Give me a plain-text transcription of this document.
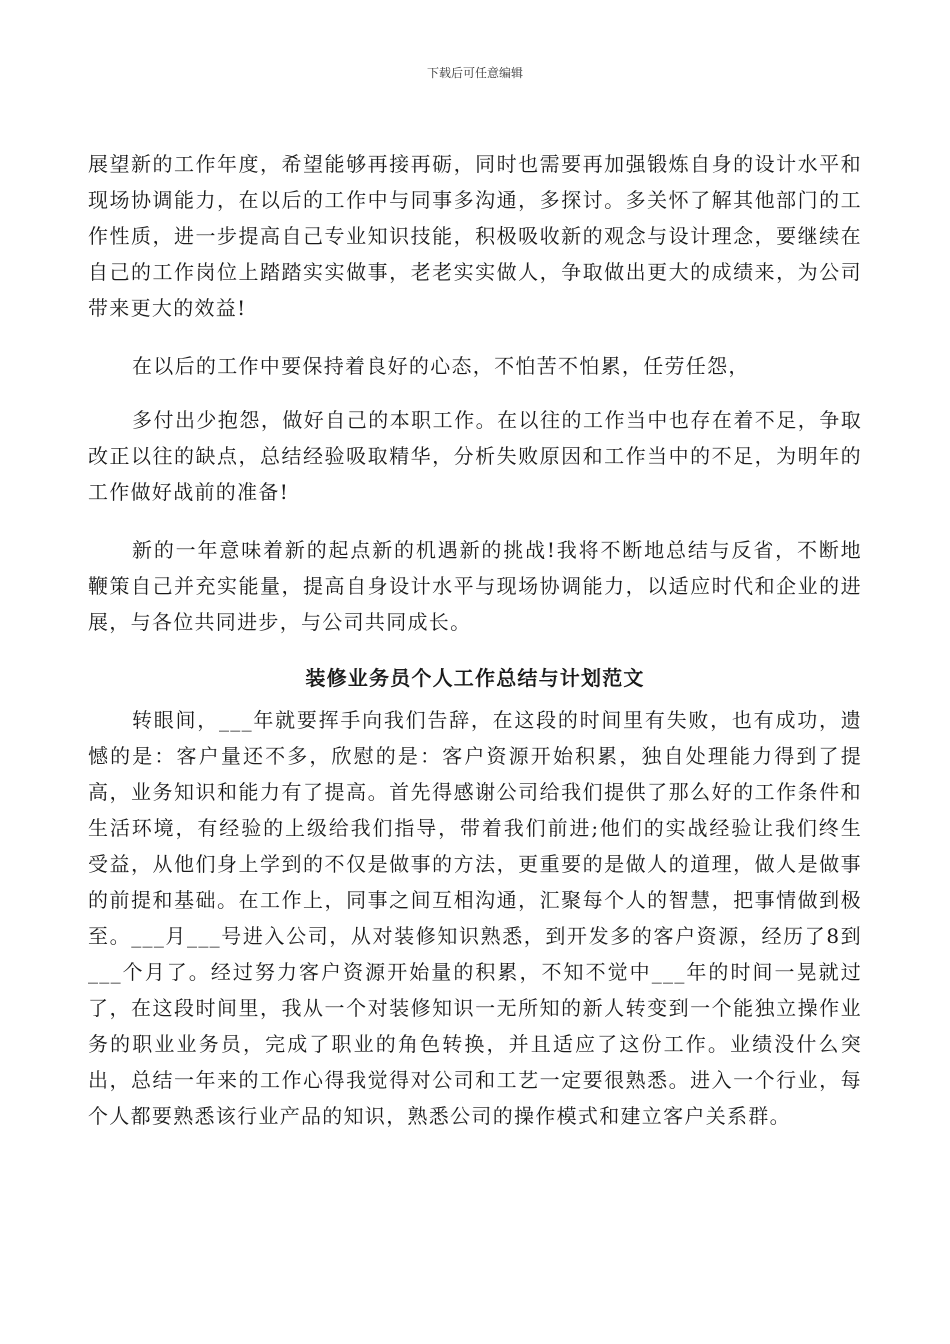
下载后可任意编辑

展望新的工作年度，希望能够再接再砺，同时也需要再加强锻炼自身的设计水平和现场协调能力，在以后的工作中与同事多沟通，多探讨。多关怀了解其他部门的工作性质，进一步提高自己专业知识技能，积极吸收新的观念与设计理念，要继续在自己的工作岗位上踏踏实实做事，老老实实做人，争取做出更大的成绩来，为公司带来更大的效益!

在以后的工作中要保持着良好的心态，不怕苦不怕累，任劳任怨，

多付出少抱怨，做好自己的本职工作。在以往的工作当中也存在着不足，争取改正以往的缺点，总结经验吸取精华，分析失败原因和工作当中的不足，为明年的工作做好战前的准备!

新的一年意味着新的起点新的机遇新的挑战!我将不断地总结与反省，不断地鞭策自己并充实能量，提高自身设计水平与现场协调能力，以适应时代和企业的进展，与各位共同进步，与公司共同成长。

装修业务员个人工作总结与计划范文

转眼间，___年就要挥手向我们告辞，在这段的时间里有失败，也有成功，遗憾的是：客户量还不多，欣慰的是：客户资源开始积累，独自处理能力得到了提高，业务知识和能力有了提高。首先得感谢公司给我们提供了那么好的工作条件和生活环境，有经验的上级给我们指导，带着我们前进;他们的实战经验让我们终生受益，从他们身上学到的不仅是做事的方法，更重要的是做人的道理，做人是做事的前提和基础。在工作上，同事之间互相沟通，汇聚每个人的智慧，把事情做到极至。___月___号进入公司，从对装修知识熟悉，到开发多的客户资源，经历了8到___个月了。经过努力客户资源开始量的积累，不知不觉中___年的时间一晃就过了，在这段时间里，我从一个对装修知识一无所知的新人转变到一个能独立操作业务的职业业务员，完成了职业的角色转换，并且适应了这份工作。业绩没什么突出，总结一年来的工作心得我觉得对公司和工艺一定要很熟悉。进入一个行业，每个人都要熟悉该行业产品的知识，熟悉公司的操作模式和建立客户关系群。
